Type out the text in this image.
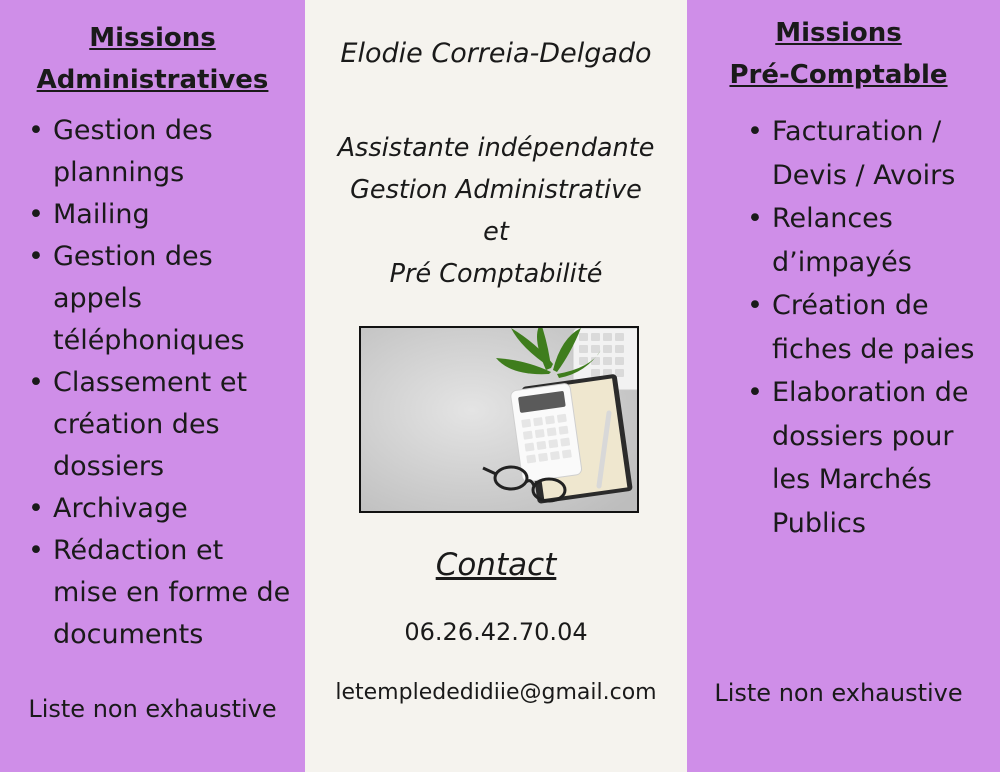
Missions
Administratives
• Gestion des plannings
• Mailing
• Gestion des appels téléphoniques
• Classement et création des dossiers
• Archivage
• Rédaction et mise en forme de documents
Liste non exhaustive
Elodie Correia-Delgado
Assistante indépendante
Gestion Administrative
et
Pré Comptabilité
Contact
06.26.42.70.04
letemplededidiie@gmail.com
Missions
Pré-Comptable
• Facturation / Devis / Avoirs
• Relances d’impayés
• Création de fiches de paies
• Elaboration de dossiers pour les Marchés Publics
Liste non exhaustive
